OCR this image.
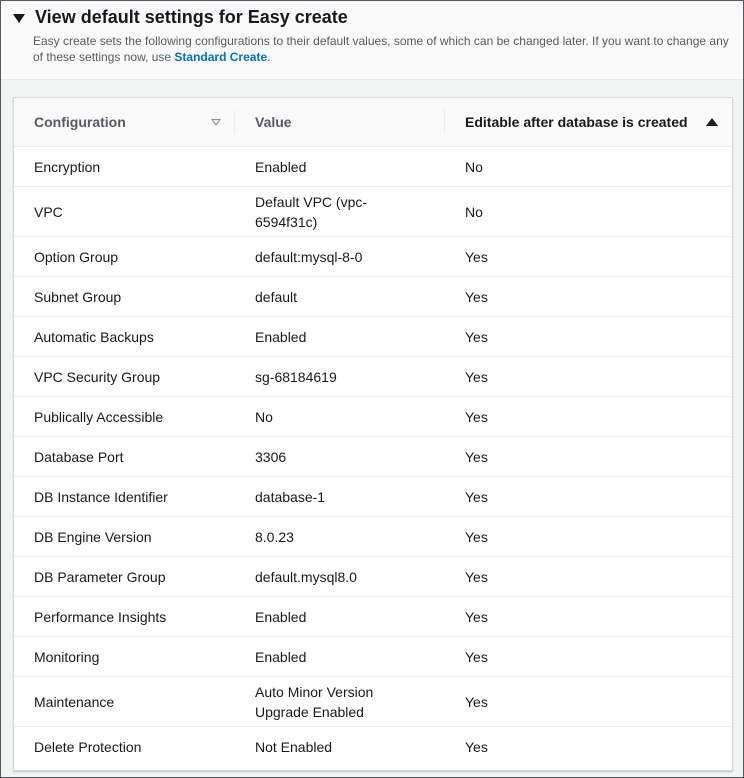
View default settings for Easy create
Easy create sets the following configurations to their default values, some of which can be changed later. If you want to change any of these settings now, use Standard Create.
Configuration	Value	Editable after database is created

Encryption	Enabled	No
VPC	Default VPC (vpc-6594f31c)	No
Option Group	default:mysql-8-0	Yes
Subnet Group	default	Yes
Automatic Backups	Enabled	Yes
VPC Security Group	sg-68184619	Yes
Publically Accessible	No	Yes
Database Port	3306	Yes
DB Instance Identifier	database-1	Yes
DB Engine Version	8.0.23	Yes
DB Parameter Group	default.mysql8.0	Yes
Performance Insights	Enabled	Yes
Monitoring	Enabled	Yes
Maintenance	Auto Minor Version Upgrade Enabled	Yes
Delete Protection	Not Enabled	Yes
